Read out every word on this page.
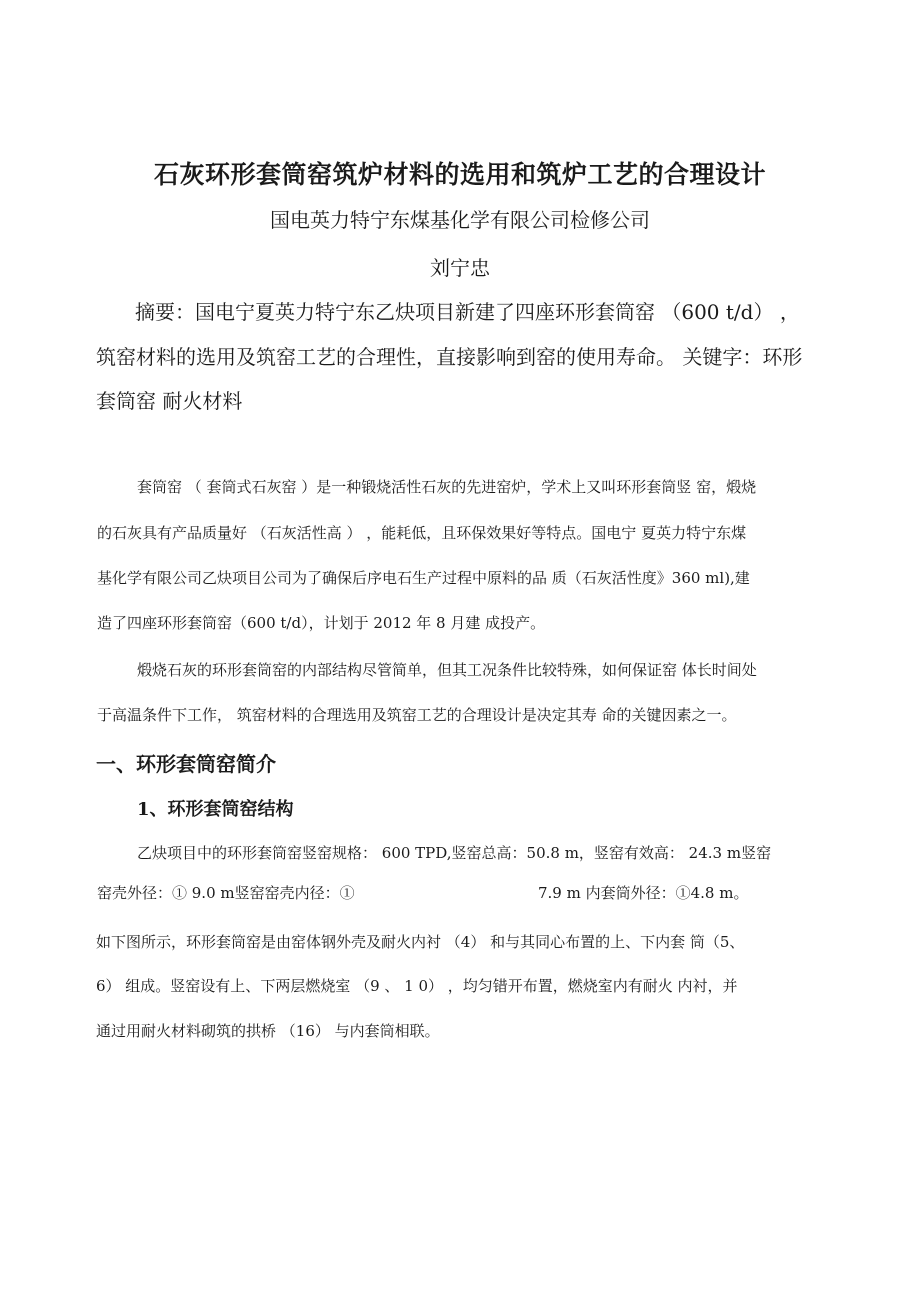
石灰环形套筒窑筑炉材料的选用和筑炉工艺的合理设计
国电英力特宁东煤基化学有限公司检修公司
刘宁忠
摘要：国电宁夏英力特宁东乙炔项目新建了四座环形套筒窑 （600 t/d） ，
筑窑材料的选用及筑窑工艺的合理性，直接影响到窑的使用寿命。 关键字：环形
套筒窑 耐火材料
套筒窑 （ 套筒式石灰窑 ）是一种锻烧活性石灰的先进窑炉，学术上又叫环形套筒竖 窑，煅烧
的石灰具有产品质量好 （石灰活性高 ） ，能耗低，且环保效果好等特点。国电宁 夏英力特宁东煤
基化学有限公司乙炔项目公司为了确保后序电石生产过程中原料的品 质（石灰活性度》360 ml),建
造了四座环形套筒窑（600 t/d），计划于 2012 年 8 月建 成投产。
煅烧石灰的环形套筒窑的内部结构尽管简单，但其工况条件比较特殊，如何保证窑 体长时间处
于高温条件下工作， 筑窑材料的合理选用及筑窑工艺的合理设计是决定其寿 命的关键因素之一。
一、环形套筒窑简介
1、环形套筒窑结构
乙炔项目中的环形套筒窑竖窑规格： 600 TPD,竖窑总高：50.8 m，竖窑有效高： 24.3 m竖窑
窑壳外径：① 9.0 m竖窑窑壳内径：①	7.9 m 内套筒外径：①4.8 m。
如下图所示，环形套筒窑是由窑体钢外壳及耐火内衬 （4） 和与其同心布置的上、下内套 筒（5、
6） 组成。竖窑设有上、下两层燃烧室 （9 、 1 0） ，均匀错开布置，燃烧室内有耐火 内衬，并
通过用耐火材料砌筑的拱桥 （16） 与内套筒相联。
